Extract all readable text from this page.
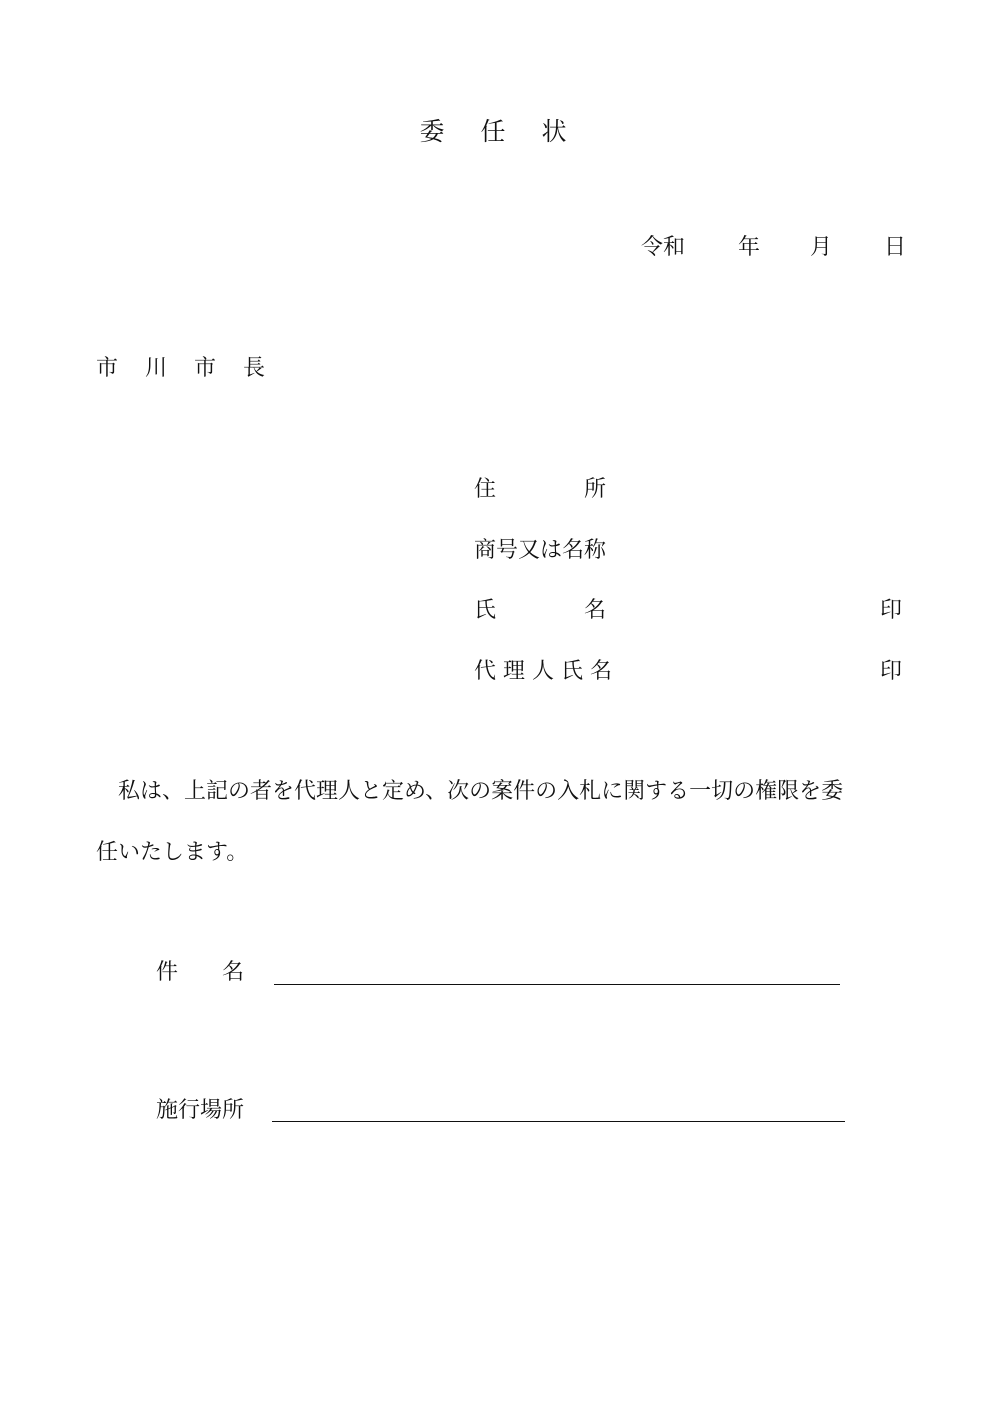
委 任 状
令和 年 月 日
市 川 市 長
住　　　　所
商号又は名称
氏　　　　名	印
代 理 人 氏 名	印
　私は、上記の者を代理人と定め、次の案件の入札に関する一切の権限を委
任いたします。
件　　名
施行場所
